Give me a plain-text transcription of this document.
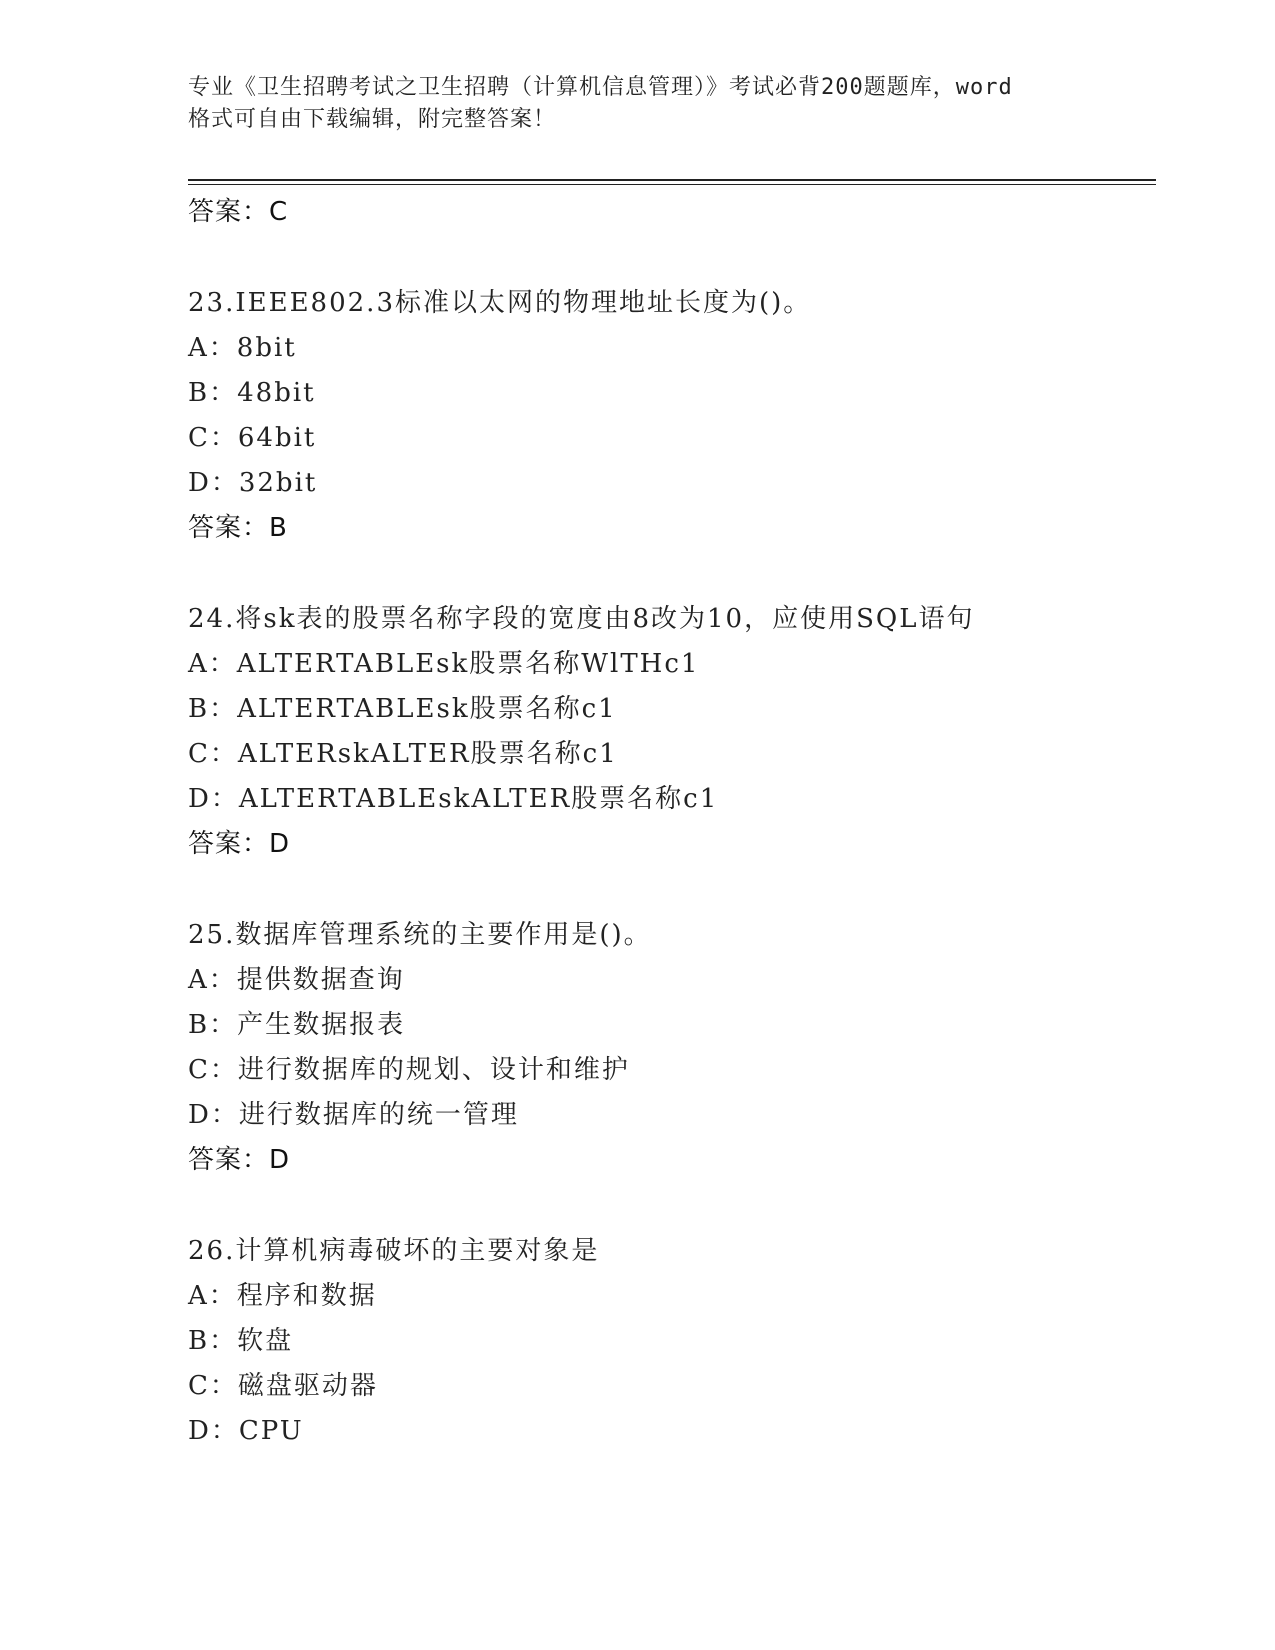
专业《卫生招聘考试之卫生招聘（计算机信息管理）》考试必背200题题库，word
格式可自由下载编辑，附完整答案！
答案：C
23.IEEE802.3标准以太网的物理地址长度为()。
A：8bit
B：48bit
C：64bit
D：32bit
答案：B
24.将sk表的股票名称字段的宽度由8改为10，应使用SQL语句
A：ALTERTABLEsk股票名称WlTHc1
B：ALTERTABLEsk股票名称c1
C：ALTERskALTER股票名称c1
D：ALTERTABLEskALTER股票名称c1
答案：D
25.数据库管理系统的主要作用是()。
A：提供数据查询
B：产生数据报表
C：进行数据库的规划、设计和维护
D：进行数据库的统一管理
答案：D
26.计算机病毒破坏的主要对象是
A：程序和数据
B：软盘
C：磁盘驱动器
D：CPU
